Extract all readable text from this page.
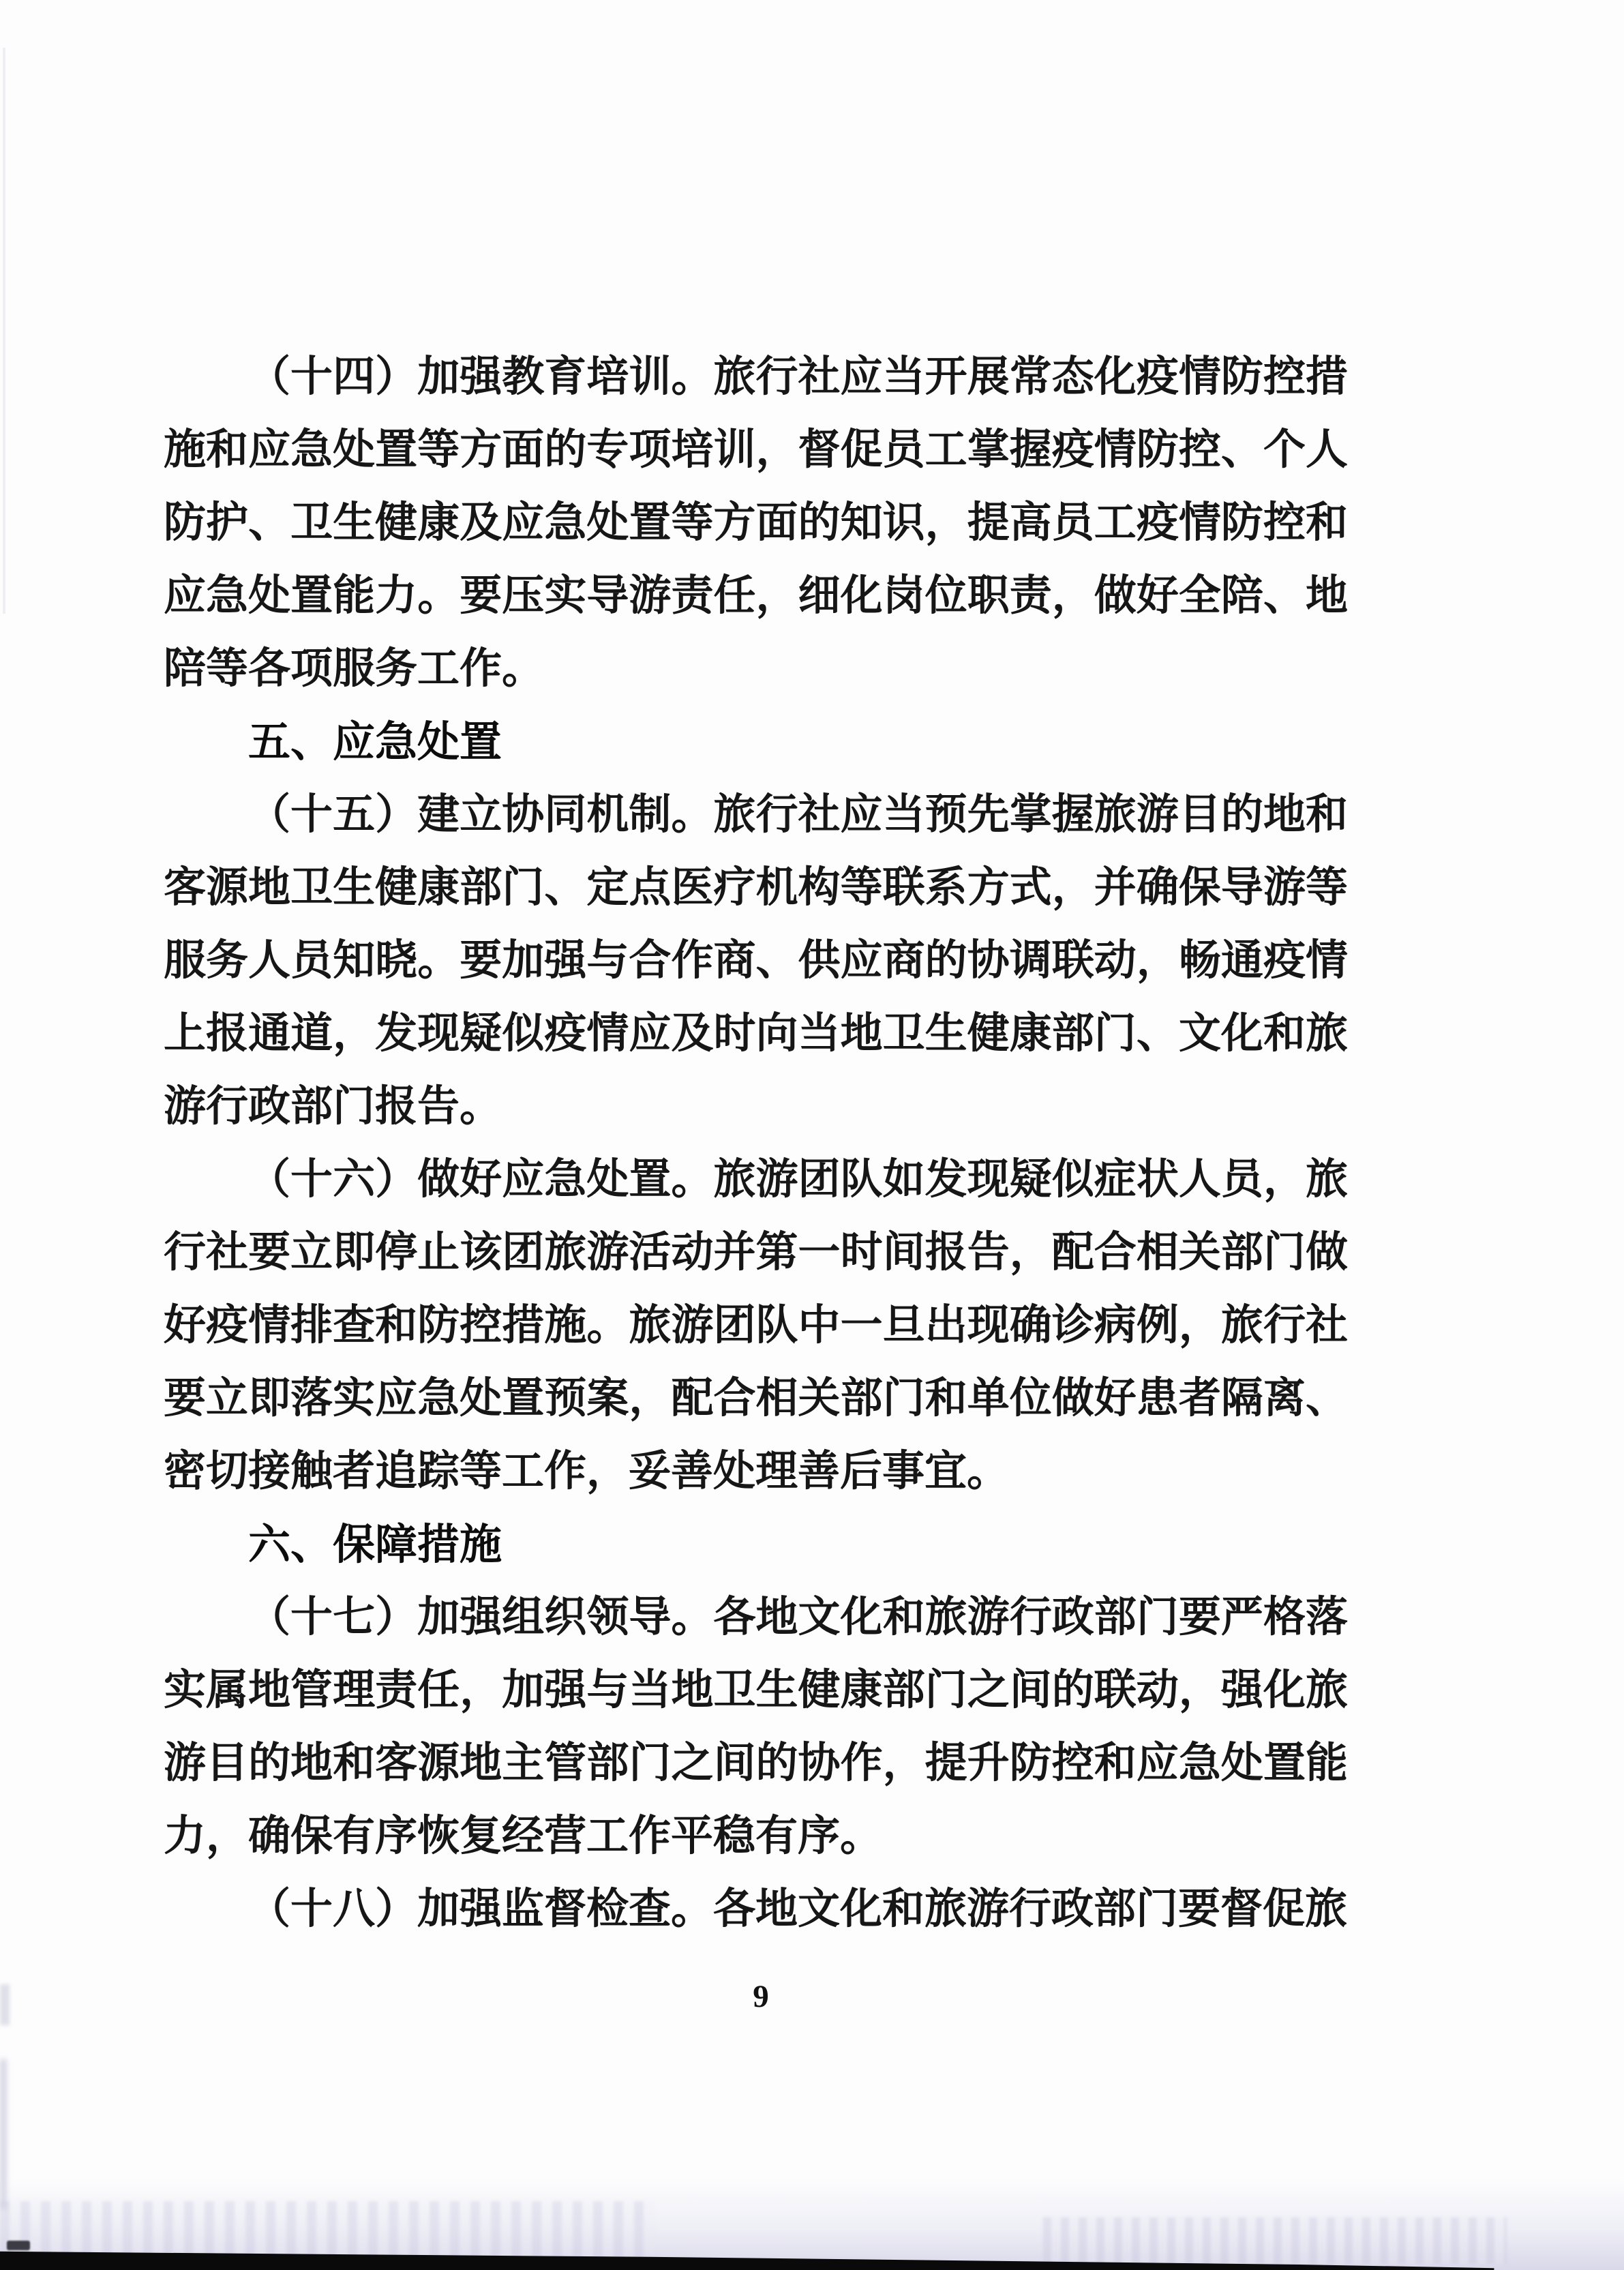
（十四）加强教育培训。旅行社应当开展常态化疫情防控措施和应急处置等方面的专项培训，督促员工掌握疫情防控、个人防护、卫生健康及应急处置等方面的知识，提高员工疫情防控和应急处置能力。要压实导游责任，细化岗位职责，做好全陪、地陪等各项服务工作。
五、应急处置
（十五）建立协同机制。旅行社应当预先掌握旅游目的地和客源地卫生健康部门、定点医疗机构等联系方式，并确保导游等服务人员知晓。要加强与合作商、供应商的协调联动，畅通疫情上报通道，发现疑似疫情应及时向当地卫生健康部门、文化和旅游行政部门报告。
（十六）做好应急处置。旅游团队如发现疑似症状人员，旅行社要立即停止该团旅游活动并第一时间报告，配合相关部门做好疫情排查和防控措施。旅游团队中一旦出现确诊病例，旅行社要立即落实应急处置预案，配合相关部门和单位做好患者隔离、密切接触者追踪等工作，妥善处理善后事宜。
六、保障措施
（十七）加强组织领导。各地文化和旅游行政部门要严格落实属地管理责任，加强与当地卫生健康部门之间的联动，强化旅游目的地和客源地主管部门之间的协作，提升防控和应急处置能力，确保有序恢复经营工作平稳有序。
（十八）加强监督检查。各地文化和旅游行政部门要督促旅
9
